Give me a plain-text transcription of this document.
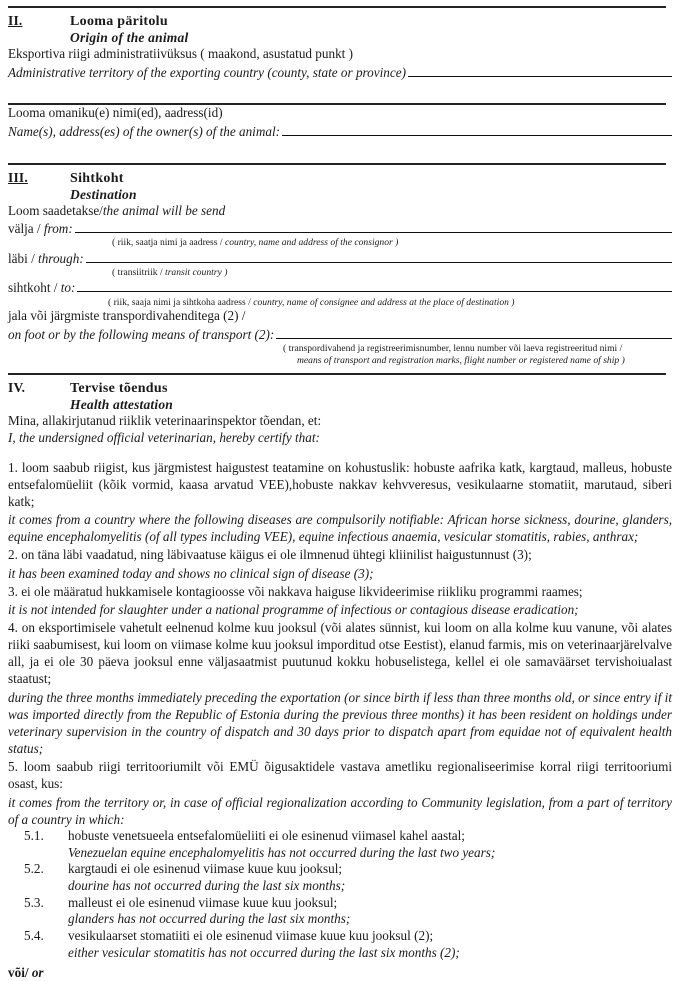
II.	Looma päritolu
Origin of the animal
Eksportiva riigi administratiivüksus ( maakond, asustatud punkt )
Administrative territory of the exporting country (county, state or province)
Looma omaniku(e) nimi(ed), aadress(id)
Name(s), address(es) of the owner(s) of the animal:
III.	Sihtkoht
Destination
Loom saadetakse/the animal will be send
välja / from:
( riik, saatja nimi ja aadress / country, name and address of the consignor )
läbi / through:
( transiitriik / transit country )
sihtkoht / to:
( riik, saaja nimi ja sihtkoha aadress / country, name of consignee and address at the place of destination )
jala või järgmiste transpordivahenditega (2) /
on foot or by the following means of transport (2):
( transpordivahend ja registreerimisnumber, lennu number või laeva registreeritud nimi /
means of transport and registration marks, flight number or registered name of ship )
IV.	Tervise tõendus
Health attestation
Mina, allakirjutanud riiklik veterinaarinspektor tõendan, et:
I, the undersigned official veterinarian, hereby certify that:
1. loom saabub riigist, kus järgmistest haigustest teatamine on kohustuslik: hobuste aafrika katk, kargtaud, malleus, hobuste entsefalomüeliit (kõik vormid, kaasa arvatud VEE),hobuste nakkav kehvveresus, vesikulaarne stomatiit, marutaud, siberi katk;
it comes from a country where the following diseases are compulsorily notifiable: African horse sickness, dourine, glanders, equine encephalomyelitis (of all types including VEE), equine infectious anaemia, vesicular stomatitis, rabies, anthrax;
2. on täna läbi vaadatud, ning läbivaatuse käigus ei ole ilmnenud ühtegi kliinilist haigustunnust (3);
it has been examined today and shows no clinical sign of disease (3);
3. ei ole määratud hukkamisele kontagioosse või nakkava haiguse likvideerimise riikliku programmi raames;
it is not intended for slaughter under a national programme of infectious or contagious disease eradication;
4. on eksportimisele vahetult eelnenud kolme kuu jooksul (või alates sünnist, kui loom on alla kolme kuu vanune, või alates riiki saabumisest, kui loom on viimase kolme kuu jooksul imporditud otse Eestist), elanud farmis, mis on veterinaarjärelvalve all, ja ei ole 30 päeva jooksul enne väljasaatmist puutunud kokku hobuselistega, kellel ei ole samaväärset tervishoiualast staatust;
during the three months immediately preceding the exportation (or since birth if less than three months old, or since entry if it was imported directly from the Republic of Estonia during the previous three months) it has been resident on holdings under veterinary supervision in the country of dispatch and 30 days prior to dispatch apart from equidae not of equivalent health status;
5. loom saabub riigi territooriumilt või EMÜ õigusaktidele vastava ametliku regionaliseerimise korral riigi territooriumi osast, kus:
it comes from the territory or, in case of official regionalization according to Community legislation, from a part of territory of a country in which:
5.1.	hobuste venetsueela entsefalomüeliiti ei ole esinenud viimasel kahel aastal;
Venezuelan equine encephalomyelitis has not occurred during the last two years;
5.2.	kargtaudi ei ole esinenud viimase kuue kuu jooksul;
dourine has not occurred during the last six months;
5.3.	malleust ei ole esinenud viimase kuue kuu jooksul;
glanders has not occurred during the last six months;
5.4.	vesikulaarset stomatiiti ei ole esinenud viimase kuue kuu jooksul (2);
either vesicular stomatitis has not occurred during the last six months (2);
või/ or
